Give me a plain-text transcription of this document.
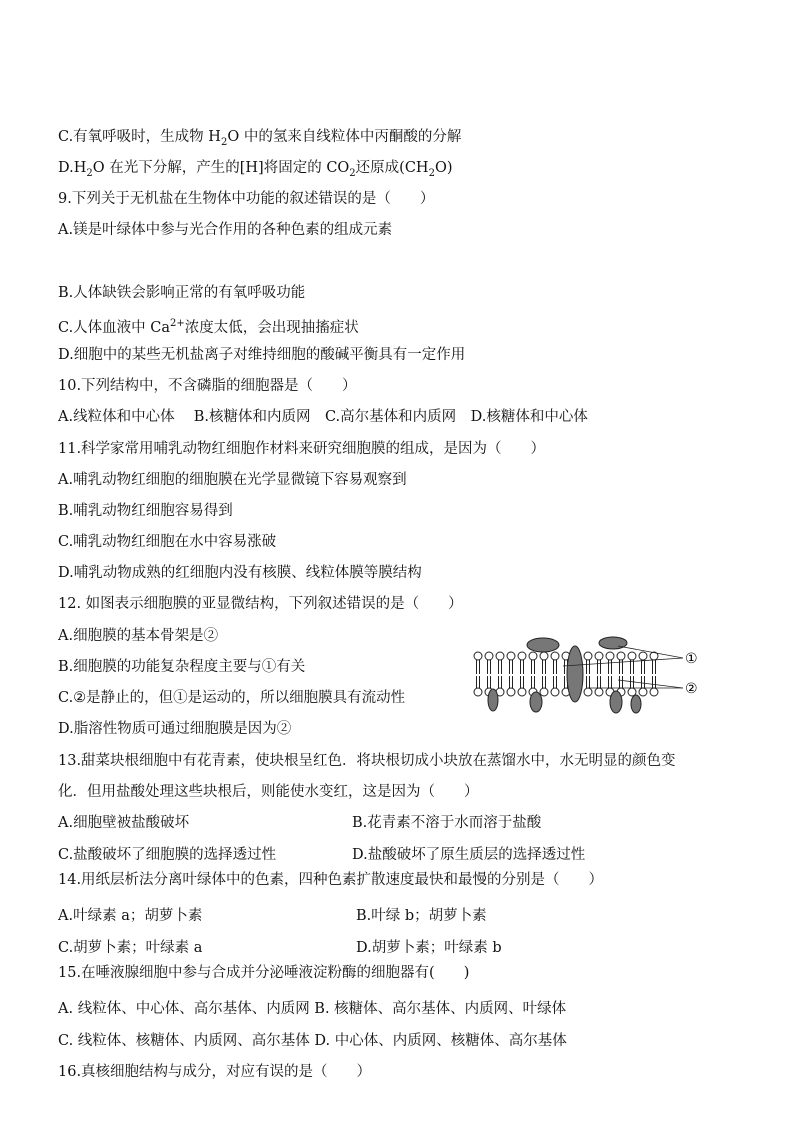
C.有氧呼吸时，生成物 $H_2O$ 中的氢来自线粒体中丙酮酸的分解
$D.H_2O$ 在光下分解，产生的[H]将固定的 $CO_2$还原成$(CH_2O)$
9.下列关于无机盐在生物体中功能的叙述错误的是（　　）
A.镁是叶绿体中参与光合作用的各种色素的组成元素
B.人体缺铁会影响正常的有氧呼吸功能
C.人体血液中 $Ca^{2+}$浓度太低，会出现抽搐症状
D.细胞中的某些无机盐离子对维持细胞的酸碱平衡具有一定作用
10.下列结构中，不含磷脂的细胞器是（　　）
A.线粒体和中心体　 B.核糖体和内质网　C.高尔基体和内质网　D.核糖体和中心体
11.科学家常用哺乳动物红细胞作材料来研究细胞膜的组成，是因为（　　）
A.哺乳动物红细胞的细胞膜在光学显微镜下容易观察到
B.哺乳动物红细胞容易得到
C.哺乳动物红细胞在水中容易涨破
D.哺乳动物成熟的红细胞内没有核膜、线粒体膜等膜结构
12. 如图表示细胞膜的亚显微结构，下列叙述错误的是（　　）
A.细胞膜的基本骨架是②
B.细胞膜的功能复杂程度主要与①有关
C.②是静止的，但①是运动的，所以细胞膜具有流动性
D.脂溶性物质可通过细胞膜是因为②
①
②
13.甜菜块根细胞中有花青素，使块根呈红色．将块根切成小块放在蒸馏水中，水无明显的颜色变
化．但用盐酸处理这些块根后，则能使水变红，这是因为（　　）
A.细胞壁被盐酸破坏	B.花青素不溶于水而溶于盐酸
C.盐酸破坏了细胞膜的选择透过性	D.盐酸破坏了原生质层的选择透过性
14.用纸层析法分离叶绿体中的色素，四种色素扩散速度最快和最慢的分别是（　　）
A.叶绿素 a；胡萝卜素	B.叶绿 b；胡萝卜素
C.胡萝卜素；叶绿素 a	D.胡萝卜素；叶绿素 b
15.在唾液腺细胞中参与合成并分泌唾液淀粉酶的细胞器有(　　)
A. 线粒体、中心体、高尔基体、内质网 B. 核糖体、高尔基体、内质网、叶绿体
C. 线粒体、核糖体、内质网、高尔基体 D. 中心体、内质网、核糖体、高尔基体
16.真核细胞结构与成分，对应有误的是（　　）
